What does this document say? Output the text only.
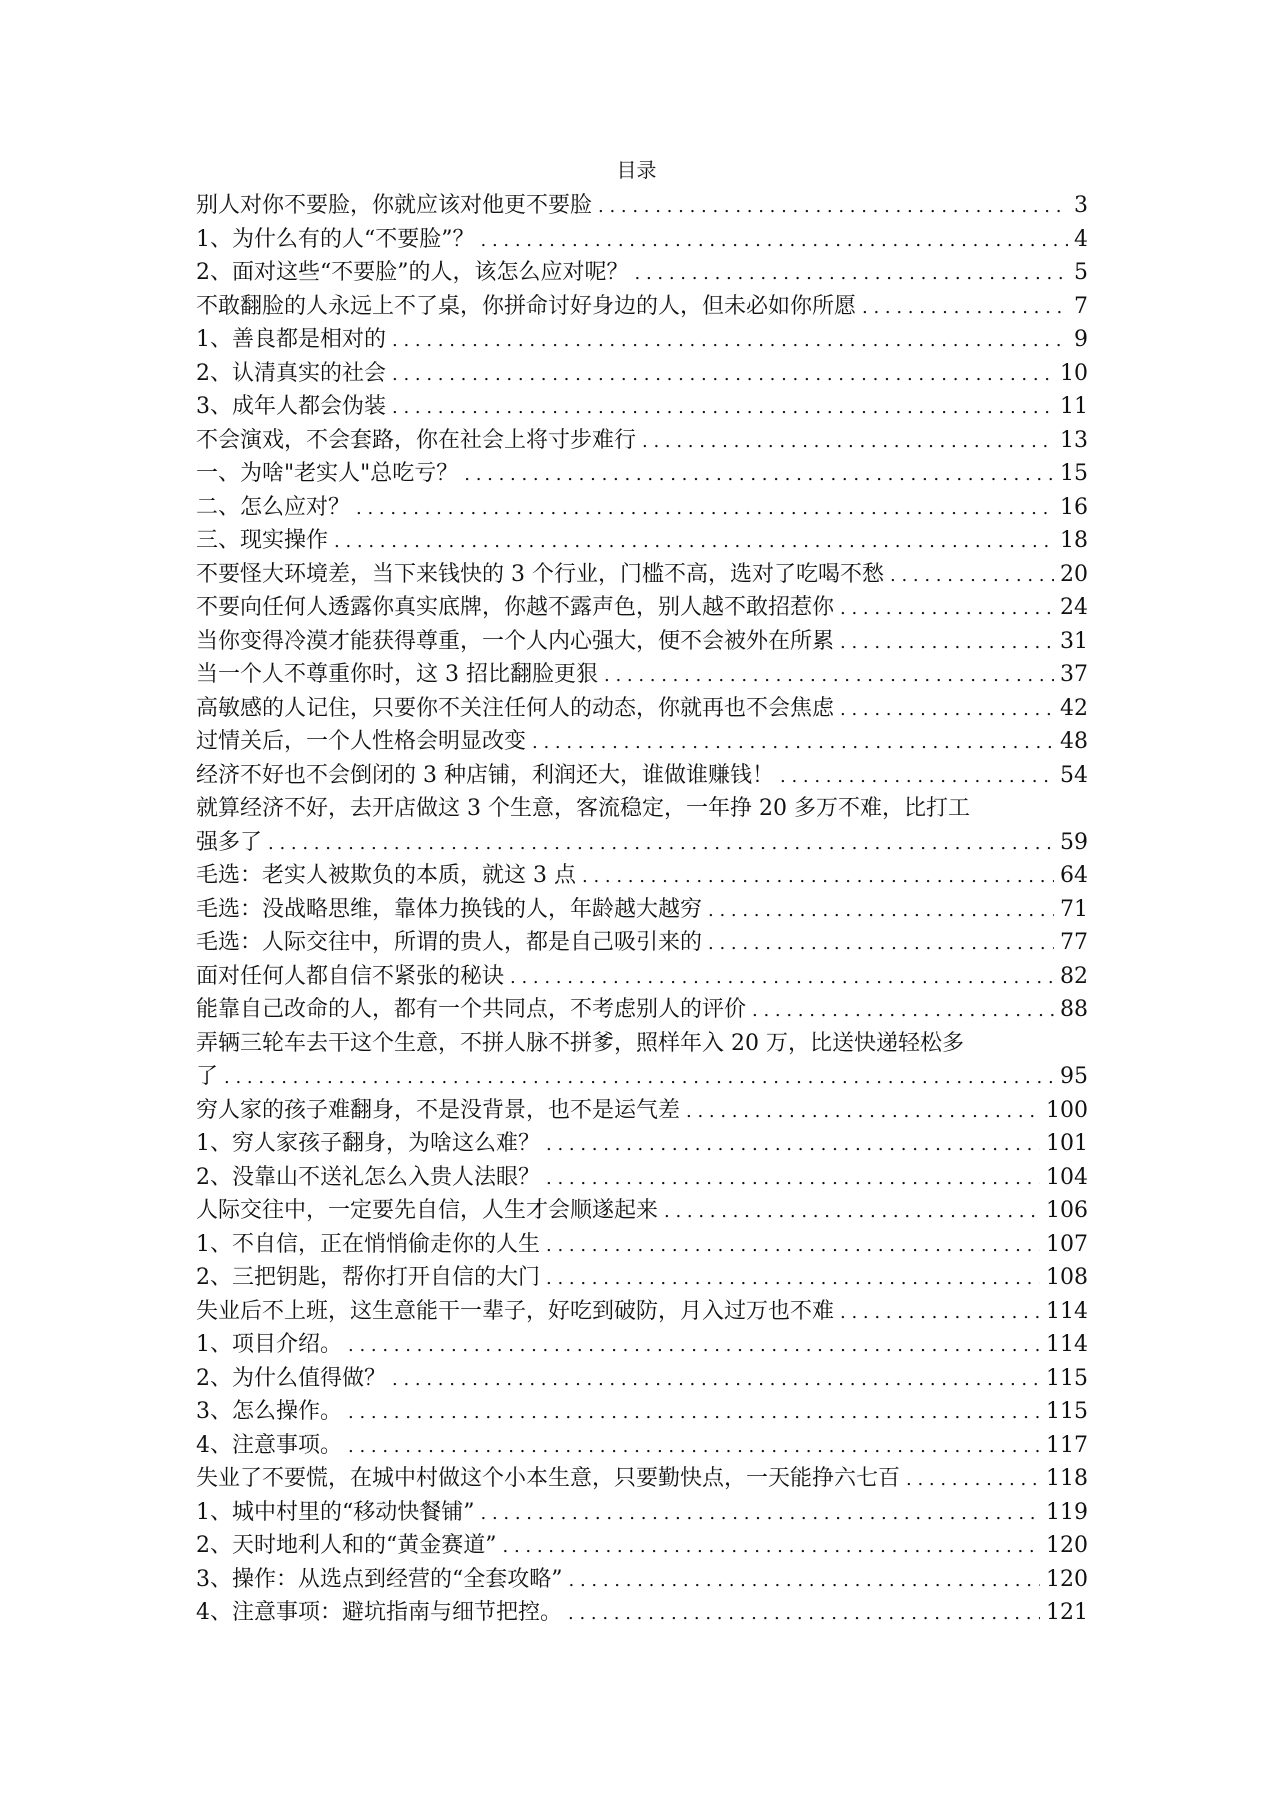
目录
别人对你不要脸，你就应该对他更不要脸 . . .	3
1、为什么有的人“不要脸”？ . . .	4
2、面对这些“不要脸”的人，该怎么应对呢？ . . .	5
不敢翻脸的人永远上不了桌，你拼命讨好身边的人，但未必如你所愿 . . .	7
1、善良都是相对的 . . .	9
2、认清真实的社会 . . .	10
3、成年人都会伪装 . . .	11
不会演戏，不会套路，你在社会上将寸步难行 . . .	13
一、为啥"老实人"总吃亏？ . . .	15
二、怎么应对？ . . .	16
三、现实操作 . . .	18
不要怪大环境差，当下来钱快的 3 个行业，门槛不高，选对了吃喝不愁 . . .	20
不要向任何人透露你真实底牌，你越不露声色，别人越不敢招惹你 . . .	24
当你变得冷漠才能获得尊重，一个人内心强大，便不会被外在所累 . . .	31
当一个人不尊重你时，这 3 招比翻脸更狠 . . .	37
高敏感的人记住，只要你不关注任何人的动态，你就再也不会焦虑 . . .	42
过情关后，一个人性格会明显改变 . . .	48
经济不好也不会倒闭的 3 种店铺，利润还大，谁做谁赚钱！ . . .	54
就算经济不好，去开店做这 3 个生意，客流稳定，一年挣 20 多万不难，比打工
强多了 . . .	59
毛选：老实人被欺负的本质，就这 3 点 . . .	64
毛选：没战略思维，靠体力换钱的人，年龄越大越穷 . . .	71
毛选：人际交往中，所谓的贵人，都是自己吸引来的 . . .	77
面对任何人都自信不紧张的秘诀 . . .	82
能靠自己改命的人，都有一个共同点，不考虑别人的评价 . . .	88
弄辆三轮车去干这个生意，不拼人脉不拼爹，照样年入 20 万，比送快递轻松多
了 . . .	95
穷人家的孩子难翻身，不是没背景，也不是运气差 . . .	100
1、穷人家孩子翻身，为啥这么难？ . . .	101
2、没靠山不送礼怎么入贵人法眼？ . . .	104
人际交往中，一定要先自信，人生才会顺遂起来 . . .	106
1、不自信，正在悄悄偷走你的人生 . . .	107
2、三把钥匙，帮你打开自信的大门 . . .	108
失业后不上班，这生意能干一辈子，好吃到破防，月入过万也不难 . . .	114
1、项目介绍。 . . .	114
2、为什么值得做？ . . .	115
3、怎么操作。 . . .	115
4、注意事项。 . . .	117
失业了不要慌，在城中村做这个小本生意，只要勤快点，一天能挣六七百 . . .	118
1、城中村里的“移动快餐铺” . . .	119
2、天时地利人和的“黄金赛道” . . .	120
3、操作：从选点到经营的“全套攻略” . . .	120
4、注意事项：避坑指南与细节把控。 . . .	121
